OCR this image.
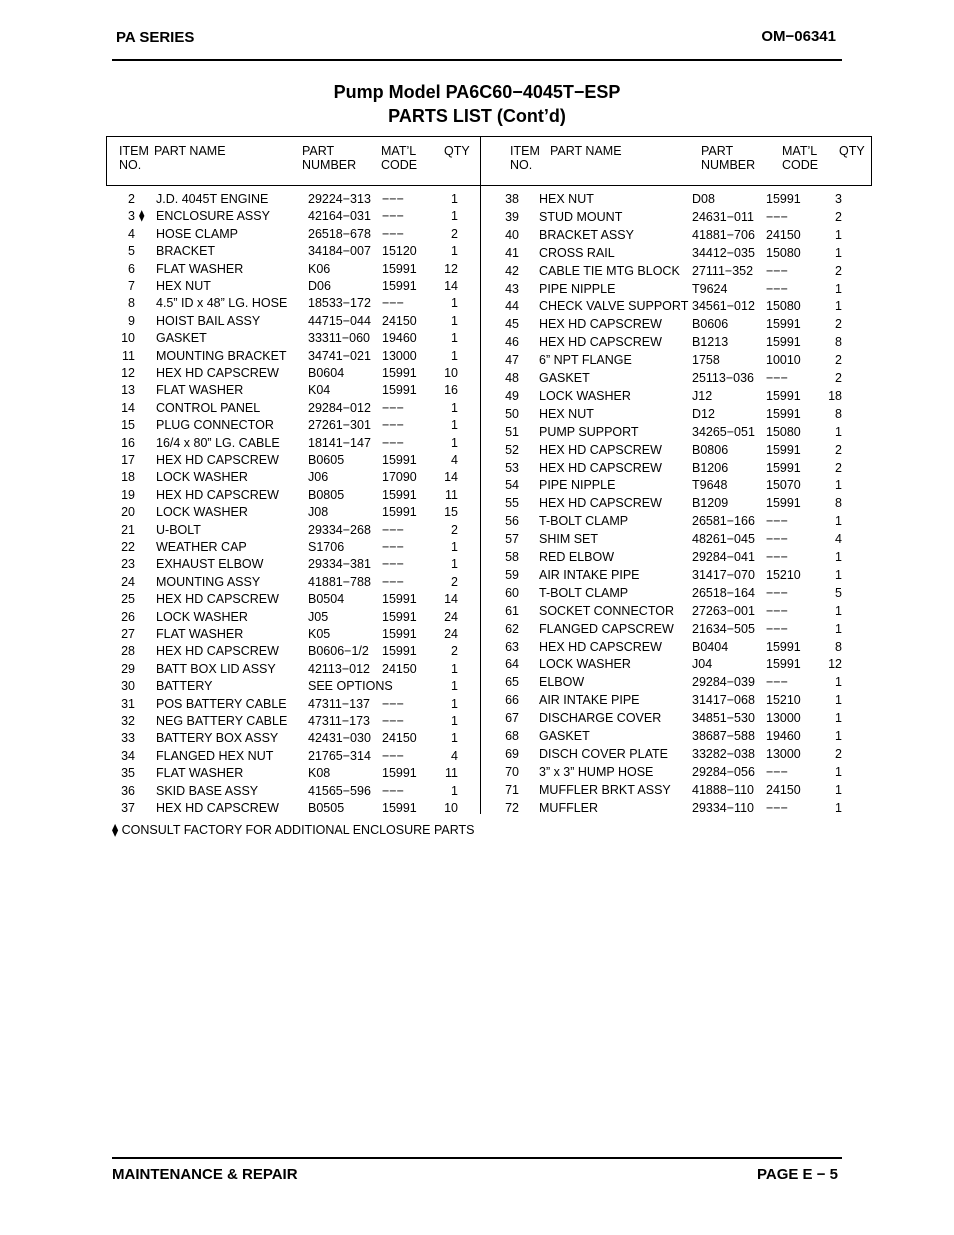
PA SERIES	OM−06341
Pump Model PA6C60−4045T−ESP
PARTS LIST (Cont’d)
ITEM
NO.
PART NAME	PART
NUMBER
MAT’L
CODE
QTY	ITEM
NO.
PART NAME	PART
NUMBER
MAT’L
CODE
QTY
2 J.D. 4045T ENGINE	29224−313 −−−	1
3 ENCLOSURE ASSY	42164−031 −−−	1
⧫
4 HOSE CLAMP	26518−678 −−−	2
5 BRACKET	34184−007 15120	1
6 FLAT WASHER	K06	15991	12
7 HEX NUT	D06	15991	14
8 4.5” ID x 48” LG. HOSE 18533−172 −−−	1
9 HOIST BAIL ASSY	44715−044 24150	1
10 GASKET	33311−060 19460	1
11 MOUNTING BRACKET 34741−021 13000	1
12 HEX HD CAPSCREW B0604	15991	10
13 FLAT WASHER	K04	15991	16
14 CONTROL PANEL	29284−012 −−−	1
15 PLUG CONNECTOR	27261−301 −−−	1
16 16/4 x 80” LG. CABLE 18141−147 −−−	1
17 HEX HD CAPSCREW B0605	15991	4
18 LOCK WASHER	J06	17090	14
19 HEX HD CAPSCREW B0805	15991	11
20 LOCK WASHER	J08	15991	15
21 U-BOLT	29334−268 −−−	2
22 WEATHER CAP	S1706	−−−	1
23 EXHAUST ELBOW	29334−381 −−−	1
24 MOUNTING ASSY	41881−788 −−−	2
25 HEX HD CAPSCREW B0504	15991	14
26 LOCK WASHER	J05	15991	24
27 FLAT WASHER	K05	15991	24
28 HEX HD CAPSCREW B0606−1/2 15991	2
29 BATT BOX LID ASSY	42113−012 24150	1
30 BATTERY	SEE OPTIONS	1
31 POS BATTERY CABLE 47311−137 −−−	1
32 NEG BATTERY CABLE 47311−173 −−−	1
33 BATTERY BOX ASSY 42431−030 24150	1
34 FLANGED HEX NUT	21765−314 −−−	4
35 FLAT WASHER	K08	15991	11
36 SKID BASE ASSY	41565−596 −−−	1
37 HEX HD CAPSCREW B0505	15991	10
38 HEX NUT	D08	15991	3
39 STUD MOUNT	24631−011 −−−	2
40 BRACKET ASSY	41881−706 24150	1
41 CROSS RAIL	34412−035 15080	1
42 CABLE TIE MTG BLOCK 27111−352 −−−	2
43 PIPE NIPPLE	T9624	−−−	1
44 CHECK VALVE SUPPORT 34561−012 15080	1
45 HEX HD CAPSCREW B0606	15991	2
46 HEX HD CAPSCREW B1213	15991	8
47 6” NPT FLANGE	1758	10010	2
48 GASKET	25113−036 −−−	2
49 LOCK WASHER	J12	15991	18
50 HEX NUT	D12	15991	8
51 PUMP SUPPORT	34265−051 15080	1
52 HEX HD CAPSCREW B0806	15991	2
53 HEX HD CAPSCREW B1206	15991	2
54 PIPE NIPPLE	T9648	15070	1
55 HEX HD CAPSCREW B1209	15991	8
56 T-BOLT CLAMP	26581−166 −−−	1
57 SHIM SET	48261−045 −−−	4
58 RED ELBOW	29284−041 −−−	1
59 AIR INTAKE PIPE	31417−070 15210	1
60 T-BOLT CLAMP	26518−164 −−−	5
61 SOCKET CONNECTOR 27263−001 −−−	1
62 FLANGED CAPSCREW 21634−505 −−−	1
63 HEX HD CAPSCREW B0404	15991	8
64 LOCK WASHER	J04	15991	12
65 ELBOW	29284−039 −−−	1
66 AIR INTAKE PIPE	31417−068 15210	1
67 DISCHARGE COVER 34851−530 13000	1
68 GASKET	38687−588 19460	1
69 DISCH COVER PLATE 33282−038 13000	2
70 3” x 3” HUMP HOSE	29284−056 −−−	1
71 MUFFLER BRKT ASSY 41888−110 24150	1
72 MUFFLER	29334−110 −−−	1
⧫ CONSULT FACTORY FOR ADDITIONAL ENCLOSURE PARTS
MAINTENANCE & REPAIR	PAGE E − 5
